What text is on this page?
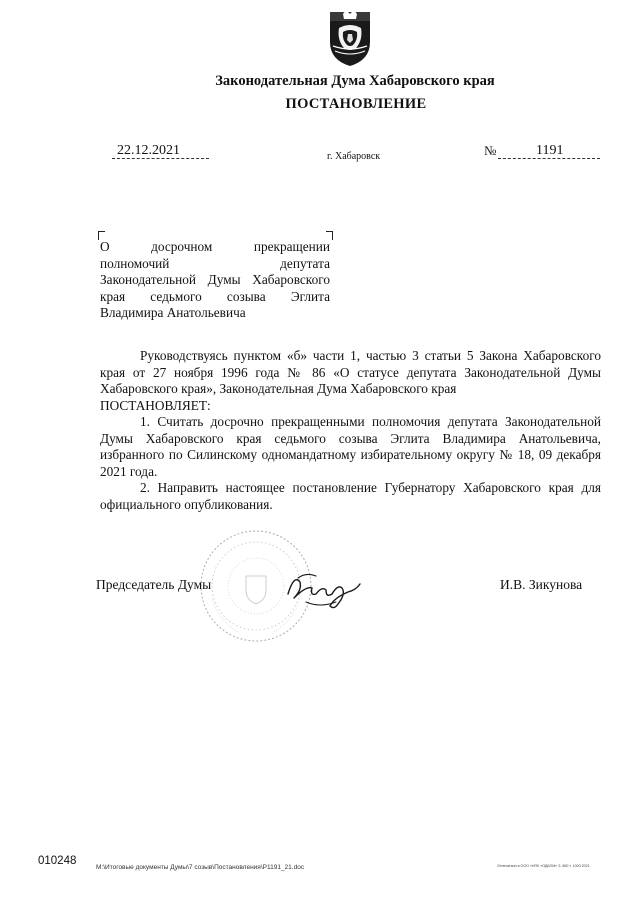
Законодательная Дума Хабаровского края
ПОСТАНОВЛЕНИЕ
22.12.2021	г. Хабаровск	№	1191
О	досрочном	прекращении
полномочий	депутата
Законодательной Думы Хабаровского
края седьмого созыва Эглита
Владимира Анатольевича

Руководствуясь пунктом «б» части 1, частью 3 статьи 5 Закона Хабаровского края от 27 ноября 1996 года № 86 «О статусе депутата Законодательной Думы Хабаровского края», Законодательная Дума Хабаровского края

ПОСТАНОВЛЯЕТ:

1. Считать досрочно прекращенными полномочия депутата Законодательной Думы Хабаровского края седьмого созыва Эглита Владимира Анатольевича, избранного по Силинскому одномандатному избирательному округу № 18, 09 декабря 2021 года.

2. Направить настоящее постановление Губернатору Хабаровского края для официального опубликования.

Председатель Думы	И.В. Зикунова
010248
M:\Итоговые документы Думы\7 созыв\Постановления\P1191_21.doc	Отпечатано в ООО «НПК «ОДКОМ» З. 860 т. 1000 2021.
